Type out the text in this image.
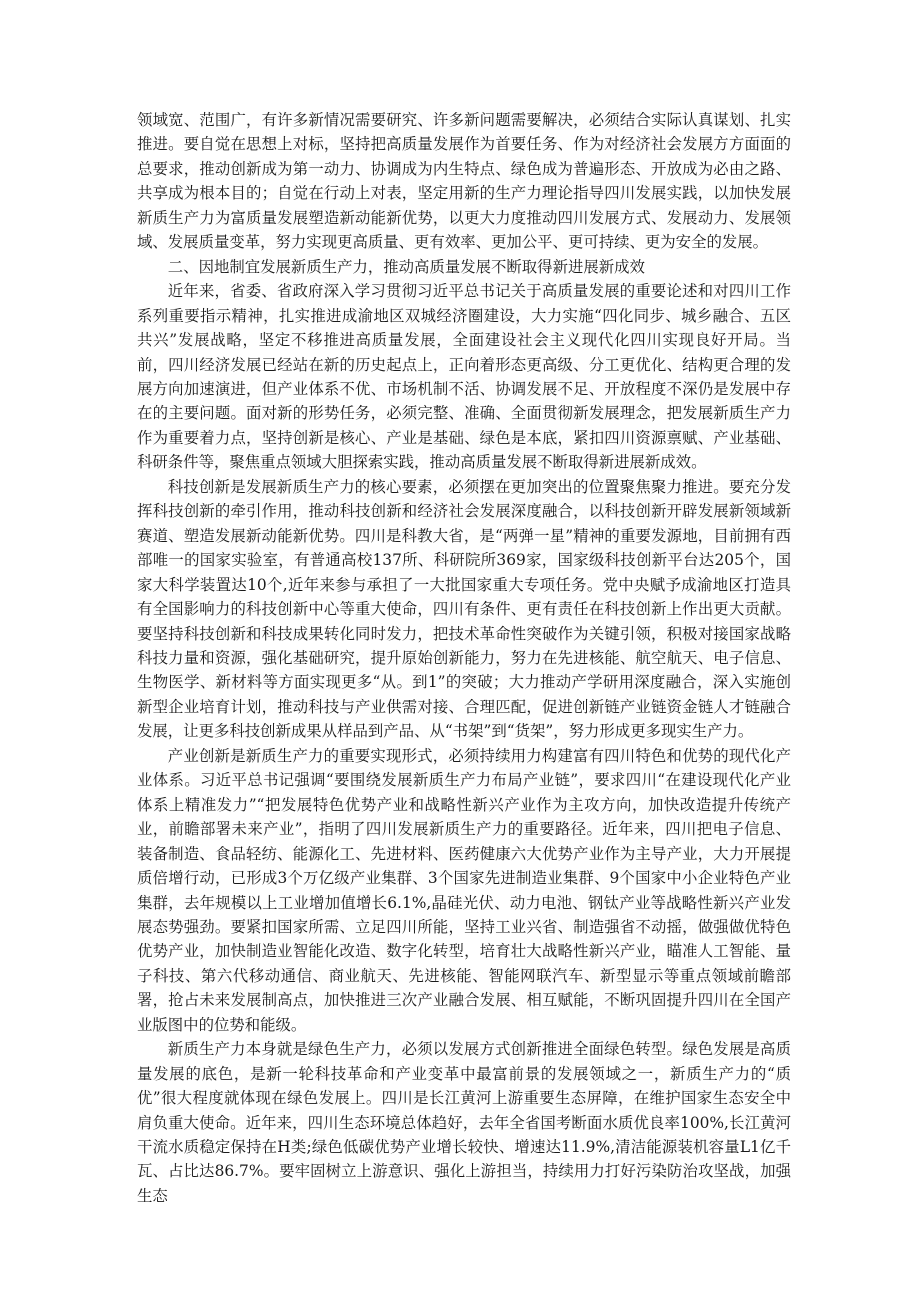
领域宽、范围广，有许多新情况需要研究、许多新问题需要解决，必须结合实际认真谋划、扎实推进。要自觉在思想上对标，坚持把高质量发展作为首要任务、作为对经济社会发展方方面面的总要求，推动创新成为第一动力、协调成为内生特点、绿色成为普遍形态、开放成为必由之路、共享成为根本目的；自觉在行动上对表，坚定用新的生产力理论指导四川发展实践，以加快发展新质生产力为富质量发展塑造新动能新优势，以更大力度推动四川发展方式、发展动力、发展领域、发展质量变革，努力实现更高质量、更有效率、更加公平、更可持续、更为安全的发展。

二、因地制宜发展新质生产力，推动高质量发展不断取得新进展新成效

近年来，省委、省政府深入学习贯彻习近平总书记关于高质量发展的重要论述和对四川工作系列重要指示精神，扎实推进成渝地区双城经济圈建设，大力实施“四化同步、城乡融合、五区共兴”发展战略，坚定不移推进高质量发展，全面建设社会主义现代化四川实现良好开局。当前，四川经济发展已经站在新的历史起点上，正向着形态更高级、分工更优化、结构更合理的发展方向加速演进，但产业体系不优、市场机制不活、协调发展不足、开放程度不深仍是发展中存在的主要问题。面对新的形势任务，必须完整、准确、全面贯彻新发展理念，把发展新质生产力作为重要着力点，坚持创新是核心、产业是基础、绿色是本底，紧扣四川资源禀赋、产业基础、科研条件等，聚焦重点领域大胆探索实践，推动高质量发展不断取得新进展新成效。

科技创新是发展新质生产力的核心要素，必须摆在更加突出的位置聚焦聚力推进。要充分发挥科技创新的牵引作用，推动科技创新和经济社会发展深度融合，以科技创新开辟发展新领域新赛道、塑造发展新动能新优势。四川是科教大省，是“两弹一星”精神的重要发源地，目前拥有西部唯一的国家实验室，有普通高校137所、科研院所369家，国家级科技创新平台达205个，国家大科学装置达10个,近年来参与承担了一大批国家重大专项任务。党中央赋予成渝地区打造具有全国影响力的科技创新中心等重大使命，四川有条件、更有责任在科技创新上作出更大贡献。要坚持科技创新和科技成果转化同时发力，把技术革命性突破作为关键引领，积极对接国家战略科技力量和资源，强化基础研究，提升原始创新能力，努力在先进核能、航空航天、电子信息、生物医学、新材料等方面实现更多“从。到1”的突破；大力推动产学研用深度融合，深入实施创新型企业培育计划，推动科技与产业供需对接、合理匹配，促进创新链产业链资金链人才链融合发展，让更多科技创新成果从样品到产品、从“书架”到“货架”，努力形成更多现实生产力。

产业创新是新质生产力的重要实现形式，必须持续用力构建富有四川特色和优势的现代化产业体系。习近平总书记强调“要围绕发展新质生产力布局产业链”，要求四川“在建设现代化产业体系上精准发力”“把发展特色优势产业和战略性新兴产业作为主攻方向，加快改造提升传统产业，前瞻部署未来产业”，指明了四川发展新质生产力的重要路径。近年来，四川把电子信息、装备制造、食品轻纺、能源化工、先进材料、医药健康六大优势产业作为主导产业，大力开展提质倍增行动，已形成3个万亿级产业集群、3个国家先进制造业集群、9个国家中小企业特色产业集群，去年规模以上工业增加值增长6.1%,晶硅光伏、动力电池、钢钛产业等战略性新兴产业发展态势强劲。要紧扣国家所需、立足四川所能，坚持工业兴省、制造强省不动摇，做强做优特色优势产业，加快制造业智能化改造、数字化转型，培育壮大战略性新兴产业，瞄准人工智能、量子科技、第六代移动通信、商业航天、先进核能、智能网联汽车、新型显示等重点领域前瞻部署，抢占未来发展制高点，加快推进三次产业融合发展、相互赋能，不断巩固提升四川在全国产业版图中的位势和能级。

新质生产力本身就是绿色生产力，必须以发展方式创新推进全面绿色转型。绿色发展是高质量发展的底色，是新一轮科技革命和产业变革中最富前景的发展领域之一，新质生产力的“质优”很大程度就体现在绿色发展上。四川是长江黄河上游重要生态屏障，在维护国家生态安全中肩负重大使命。近年来，四川生态环境总体趋好，去年全省国考断面水质优良率100%,长江黄河干流水质稳定保持在H类;绿色低碳优势产业增长较快、增速达11.9%,清洁能源装机容量L1亿千瓦、占比达86.7%。要牢固树立上游意识、强化上游担当，持续用力打好污染防治攻坚战，加强生态
